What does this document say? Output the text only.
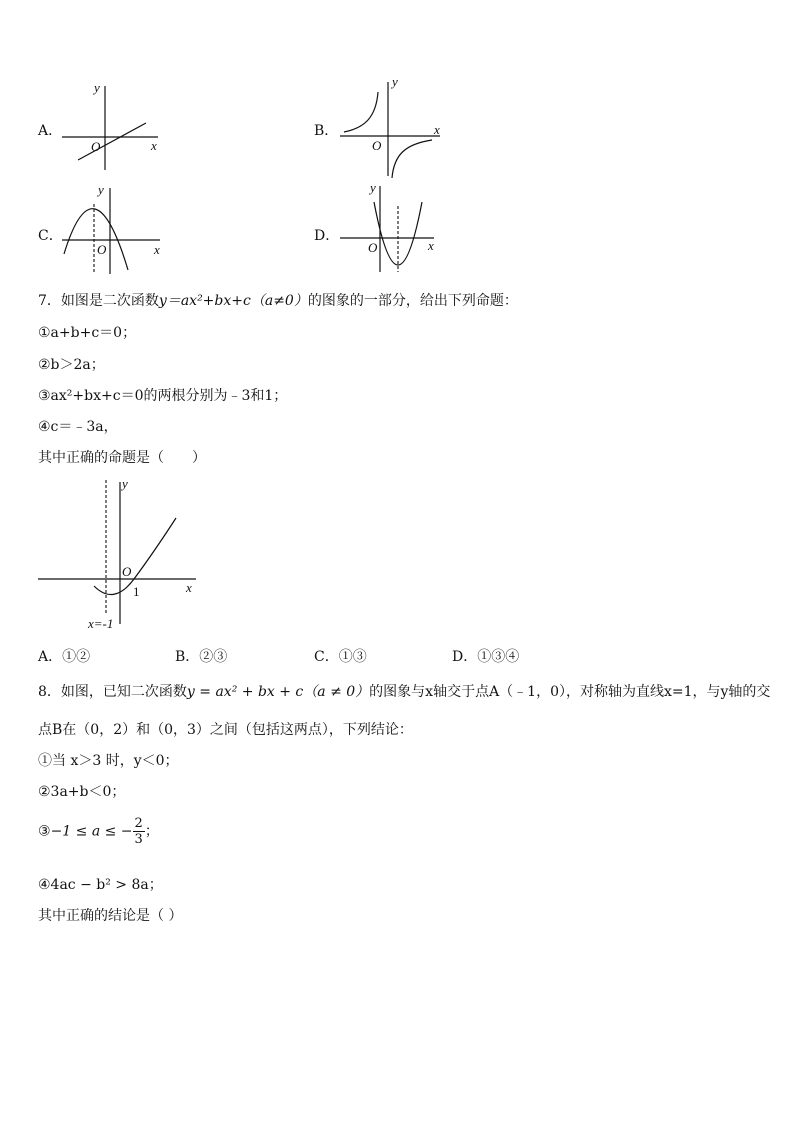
A．
y
x
O
B．
y
x
O
C．
y
x
O
D．
y
x
O
7．如图是二次函数y＝ax²+bx+c（a≠0）的图象的一部分，给出下列命题：
①a+b+c＝0；
②b＞2a；
③ax²+bx+c＝0的两根分别为﹣3和1；
④c＝﹣3a，
其中正确的命题是（　　）
y
x
O
1
x=-1
A．①②	B．②③	C．①③	D．①③④
8．如图，已知二次函数y = ax² + bx + c（a ≠ 0）的图象与x轴交于点A（﹣1，0），对称轴为直线x=1，与y轴的交
点B在（0，2）和（0，3）之间（包括这两点），下列结论：
①当 x＞3 时，y＜0；
②3a+b＜0；
③−1 ≤ a ≤ − $\frac{2}{3}$ ；
④4ac − b² > 8a；
其中正确的结论是（ ）
